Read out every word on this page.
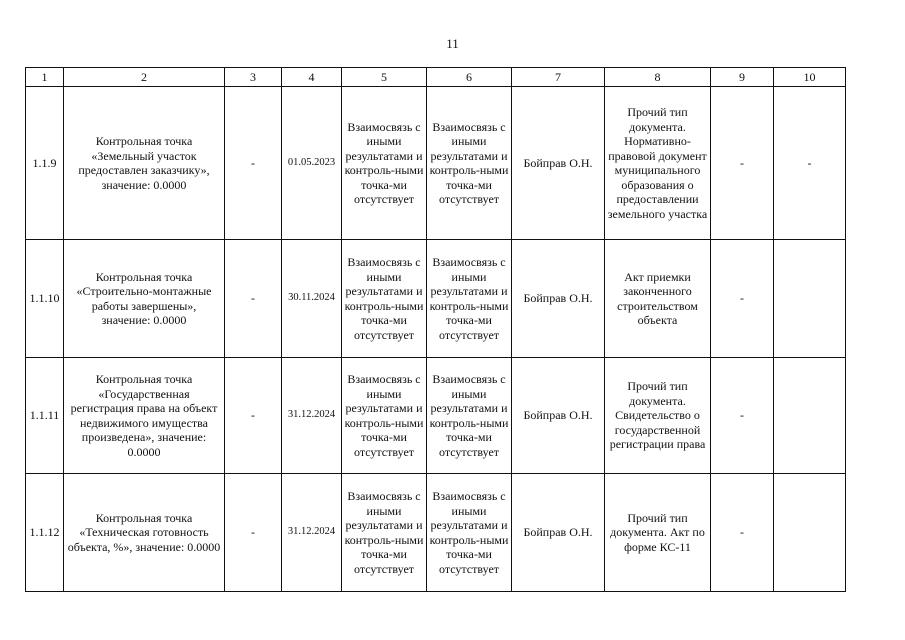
11
1	2	3	4	5	6	7	8	9	10
1.1.9	Контрольная точка «Земельный участок предоставлен заказчику», значение: 0.0000	-	01.05.2023	Взаимосвязь с иными результатами и контроль-ными точка-ми отсутствует	Взаимосвязь с иными результатами и контроль-ными точка-ми отсутствует	Бойправ О.Н.	Прочий тип документа. Нормативно-правовой документ муниципального образования о предоставлении земельного участка	-	-
1.1.10	Контрольная точка «Строительно-монтажные работы завершены», значение: 0.0000	-	30.11.2024	Взаимосвязь с иными результатами и контроль-ными точка-ми отсутствует	Взаимосвязь с иными результатами и контроль-ными точка-ми отсутствует	Бойправ О.Н.	Акт приемки законченного строительством объекта	-	
1.1.11	Контрольная точка «Государственная регистрация права на объект недвижимого имущества произведена», значение: 0.0000	-	31.12.2024	Взаимосвязь с иными результатами и контроль-ными точка-ми отсутствует	Взаимосвязь с иными результатами и контроль-ными точка-ми отсутствует	Бойправ О.Н.	Прочий тип документа. Свидетельство о государственной регистрации права	-	
1.1.12	Контрольная точка «Техническая готовность объекта, %», значение: 0.0000	-	31.12.2024	Взаимосвязь с иными результатами и контроль-ными точка-ми отсутствует	Взаимосвязь с иными результатами и контроль-ными точка-ми отсутствует	Бойправ О.Н.	Прочий тип документа. Акт по форме КС-11	-	
